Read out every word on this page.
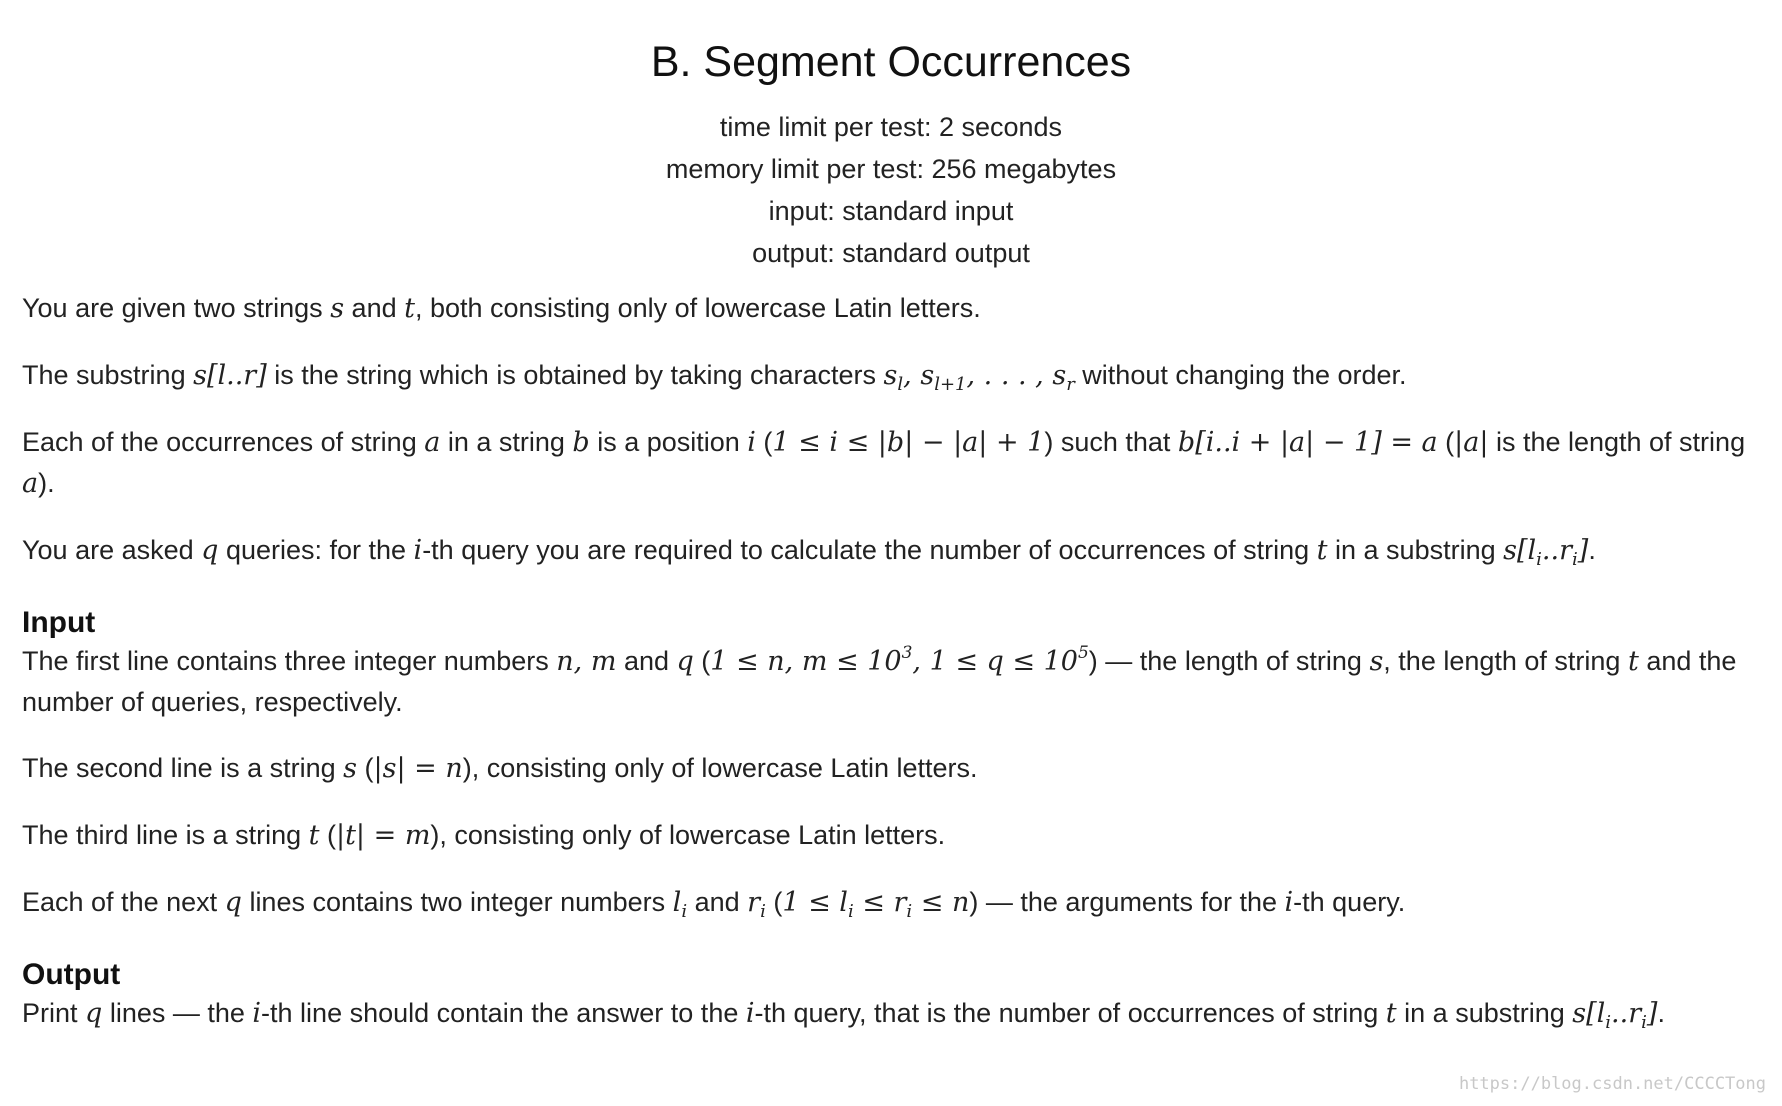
B. Segment Occurrences
time limit per test: 2 seconds
memory limit per test: 256 megabytes
input: standard input
output: standard output

You are given two strings s and t, both consisting only of lowercase Latin letters.

The substring s[l..r] is the string which is obtained by taking characters $s_l$, $s_{l+1}$, . . . , $s_r$ without changing the order.

Each of the occurrences of string a in a string b is a position i (1 ≤ i ≤ |b| − |a| + 1) such that b[i..i + |a| − 1] = a (|a| is the length of string a).

You are asked q queries: for the i-th query you are required to calculate the number of occurrences of string t in a substring $s[l_i..r_i]$.

Input

The first line contains three integer numbers n, m and q (1 ≤ n, $m \le 10^3$, $1 \le q \le 10^5$) — the length of string s, the length of string t and the number of queries, respectively.

The second line is a string s (|s| = n), consisting only of lowercase Latin letters.

The third line is a string t (|t| = m), consisting only of lowercase Latin letters.

Each of the next q lines contains two integer numbers $l_i$ and $r_i$ $(1 \le l_i \le r_i \le n)$ — the arguments for the i-th query.

Output

Print q lines — the i-th line should contain the answer to the i-th query, that is the number of occurrences of string t in a substring $s[l_i..r_i]$.

https://blog.csdn.net/CCCCTong
